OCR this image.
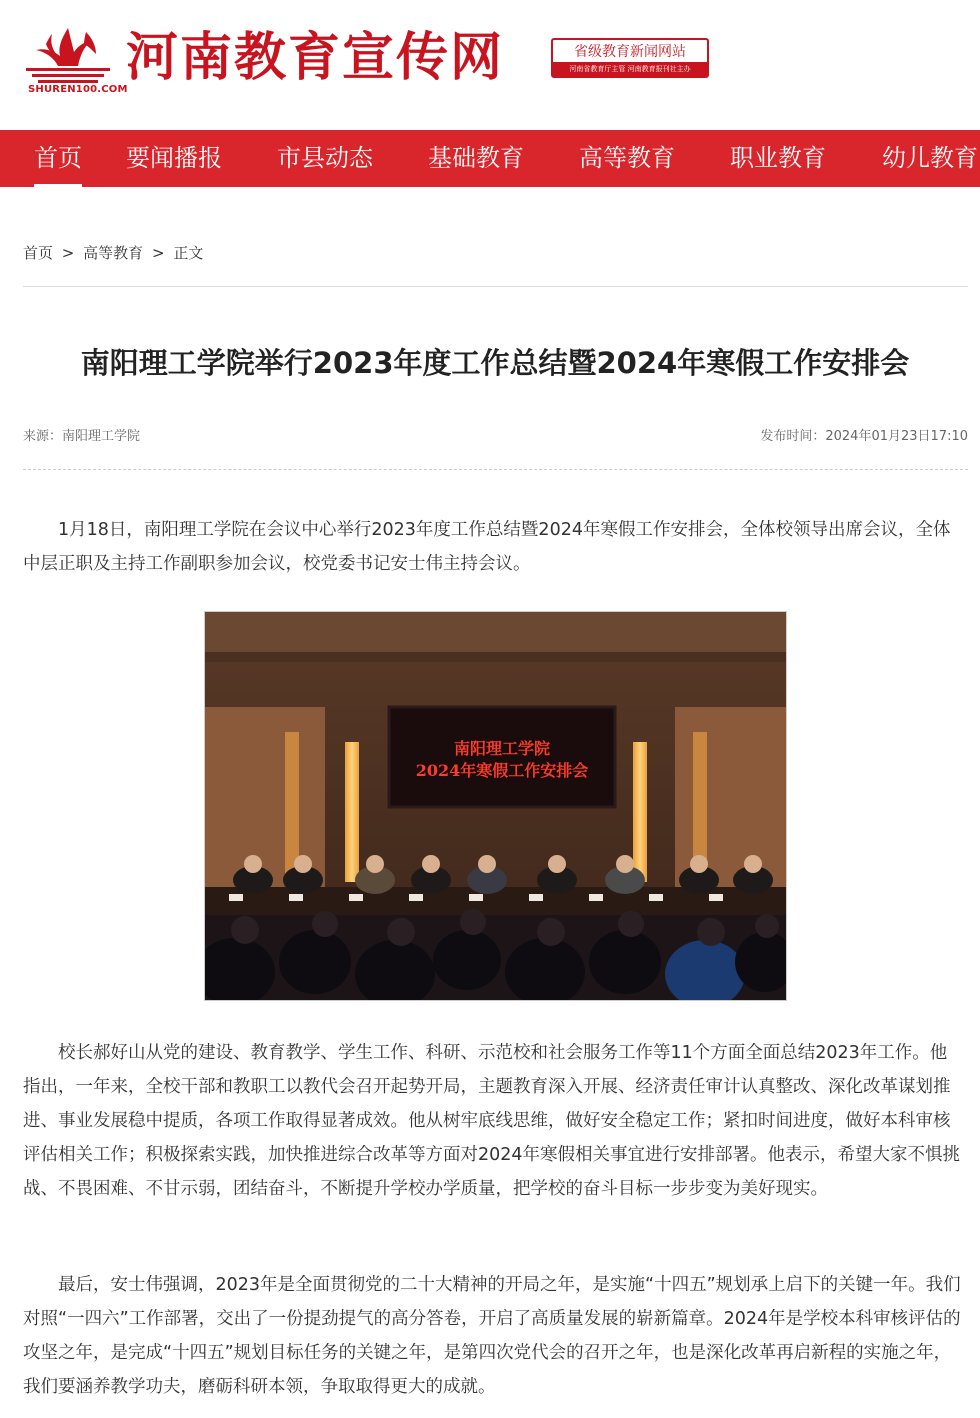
SHUREN100.COM
河南教育宣传网	省级教育新闻网站
河南省教育厅主管 河南教育报刊社主办
首页 要闻播报 市县动态 基础教育 高等教育 职业教育 幼儿教育
首页 > 高等教育 > 正文
南阳理工学院举行2023年度工作总结暨2024年寒假工作安排会
来源：南阳理工学院	发布时间：2024年01月23日17:10

1月18日，南阳理工学院在会议中心举行2023年度工作总结暨2024年寒假工作安排会，全体校领导出席会议，全体中层正职及主持工作副职参加会议，校党委书记安士伟主持会议。

南阳理工学院
2024年寒假工作安排会

校长郝好山从党的建设、教育教学、学生工作、科研、示范校和社会服务工作等11个方面全面总结2023年工作。他指出，一年来，全校干部和教职工以教代会召开起势开局，主题教育深入开展、经济责任审计认真整改、深化改革谋划推进、事业发展稳中提质，各项工作取得显著成效。他从树牢底线思维，做好安全稳定工作；紧扣时间进度，做好本科审核评估相关工作；积极探索实践，加快推进综合改革等方面对2024年寒假相关事宜进行安排部署。他表示，希望大家不惧挑战、不畏困难、不甘示弱，团结奋斗，不断提升学校办学质量，把学校的奋斗目标一步步变为美好现实。

最后，安士伟强调，2023年是全面贯彻党的二十大精神的开局之年，是实施“十四五”规划承上启下的关键一年。我们对照“一四六”工作部署，交出了一份提劲提气的高分答卷，开启了高质量发展的崭新篇章。2024年是学校本科审核评估的攻坚之年，是完成“十四五”规划目标任务的关键之年，是第四次党代会的召开之年，也是深化改革再启新程的实施之年，我们要涵养教学功夫，磨砺科研本领，争取取得更大的成就。
